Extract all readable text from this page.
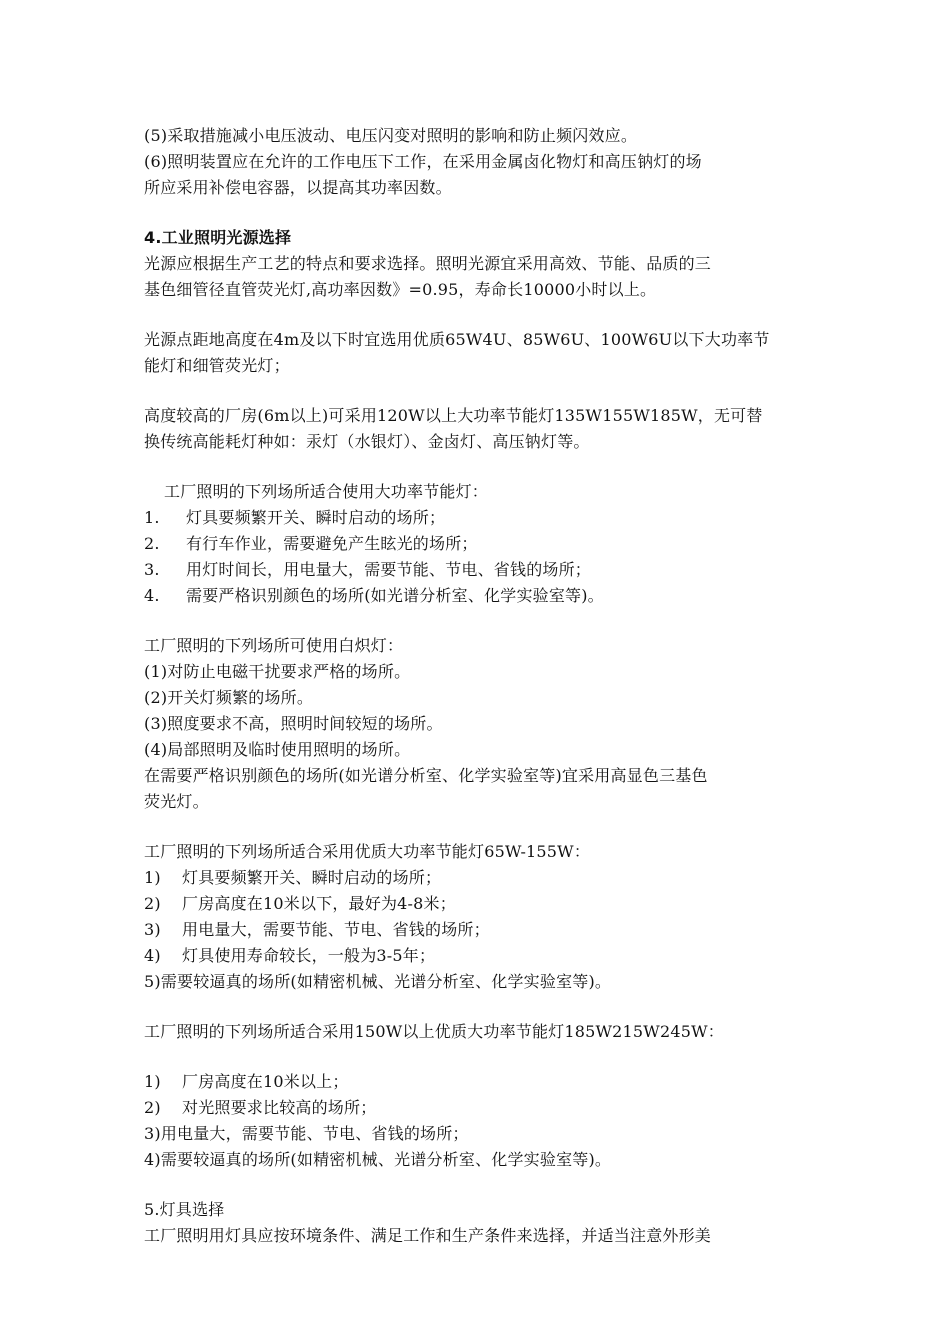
(5)采取措施减小电压波动、电压闪变对照明的影响和防止频闪效应。
(6)照明装置应在允许的工作电压下工作，在采用金属卤化物灯和高压钠灯的场
所应采用补偿电容器，以提高其功率因数。
4.工业照明光源选择
光源应根据生产工艺的特点和要求选择。照明光源宜采用高效、节能、品质的三
基色细管径直管荧光灯,高功率因数》=0.95，寿命长10000小时以上。
光源点距地高度在4m及以下时宜选用优质65W4U、85W6U、100W6U以下大功率节
能灯和细管荧光灯；
高度较高的厂房(6m以上)可采用120W以上大功率节能灯135W155W185W，无可替
换传统高能耗灯种如：汞灯（水银灯）、金卤灯、高压钠灯等。
工厂照明的下列场所适合使用大功率节能灯：
1.	灯具要频繁开关、瞬时启动的场所；
2.	有行车作业，需要避免产生眩光的场所；
3.	用灯时间长，用电量大，需要节能、节电、省钱的场所；
4.	需要严格识别颜色的场所(如光谱分析室、化学实验室等)。
工厂照明的下列场所可使用白炽灯：
(1)对防止电磁干扰要求严格的场所。
(2)开关灯频繁的场所。
(3)照度要求不高，照明时间较短的场所。
(4)局部照明及临时使用照明的场所。
在需要严格识别颜色的场所(如光谱分析室、化学实验室等)宜采用高显色三基色
荧光灯。
工厂照明的下列场所适合采用优质大功率节能灯65W-155W：
1)	灯具要频繁开关、瞬时启动的场所；
2)	厂房高度在10米以下，最好为4-8米；
3)	用电量大，需要节能、节电、省钱的场所；
4)	灯具使用寿命较长，一般为3-5年；
5)需要较逼真的场所(如精密机械、光谱分析室、化学实验室等)。
工厂照明的下列场所适合采用150W以上优质大功率节能灯185W215W245W：
1)	厂房高度在10米以上；
2)	对光照要求比较高的场所；
3)用电量大，需要节能、节电、省钱的场所；
4)需要较逼真的场所(如精密机械、光谱分析室、化学实验室等)。
5.灯具选择
工厂照明用灯具应按环境条件、满足工作和生产条件来选择，并适当注意外形美
